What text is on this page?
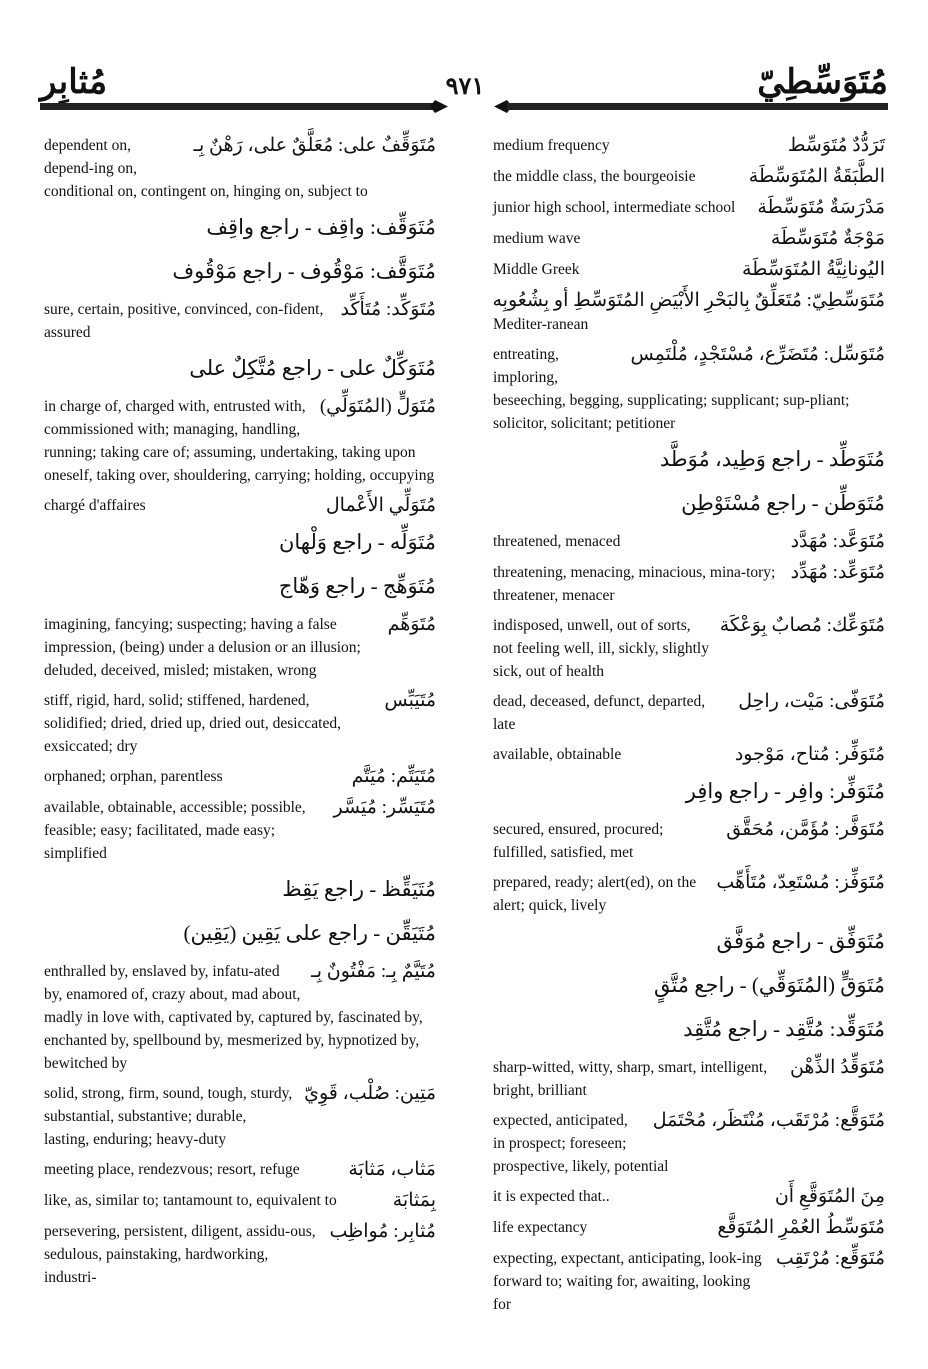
مُتَوَسِّطِيّ
٩٧١
مُثابِر
مُتَوَقِّفٌ على: مُعَلَّقٌ على، رَهْنٌ بِـ
dependent on, depend-ing on, conditional on, contingent on, hinging on, subject to
مُتَوَقِّف: واقِف - راجع واقِف
مُتَوَقَّف: مَوْقُوف - راجع مَوْقُوف
مُتَوَكِّد: مُتَأَكِّد
sure, certain, positive, convinced, con-fident, assured
مُتَوَكِّلٌ على - راجع مُتَّكِلٌ على
مُتَوَلٍّ (المُتَوَلِّي)
in charge of, charged with, entrusted with, commissioned with; managing, handling, running; taking care of; assuming, undertaking, taking upon oneself, taking over, shouldering, carrying; holding, occupying
مُتَوَلِّي الأَعْمال
chargé d'affaires
مُتَوَلِّه - راجع وَلْهان
مُتَوَهِّج - راجع وَهّاج
مُتَوَهِّم
imagining, fancying; suspecting; having a false impression, (being) under a delusion or an illusion; deluded, deceived, misled; mistaken, wrong
مُتَيَبِّس
stiff, rigid, hard, solid; stiffened, hardened, solidified; dried, dried up, dried out, desiccated, exsiccated; dry
مُتَيَتِّم: مُيَتَّم
orphaned; orphan, parentless
مُتَيَسِّر: مُيَسَّر
available, obtainable, accessible; possible, feasible; easy; facilitated, made easy; simplified
مُتَيَقِّظ - راجع يَقِظ
مُتَيَقِّن - راجع على يَقِين (يَقِين)
مُتَيَّمٌ بِـ: مَفْتُونٌ بِـ
enthralled by, enslaved by, infatu-ated by, enamored of, crazy about, mad about, madly in love with, captivated by, captured by, fascinated by, enchanted by, spellbound by, mesmerized by, hypnotized by, bewitched by
مَتِين: صُلْب، قَوِيّ
solid, strong, firm, sound, tough, sturdy, substantial, substantive; durable, lasting, enduring; heavy-duty
مَثاب، مَثابَة
meeting place, rendezvous; resort, refuge
بِمَثابَة
like, as, similar to; tantamount to, equivalent to
مُثابِر: مُواظِب
persevering, persistent, diligent, assidu-ous, sedulous, painstaking, hardworking, industri-
تَرَدُّدٌ مُتَوَسِّط
medium frequency
الطَّبَقَةُ المُتَوَسِّطَة
the middle class, the bourgeoisie
مَدْرَسَةٌ مُتَوَسِّطَة
junior high school, intermediate school
مَوْجَةٌ مُتَوَسِّطَة
medium wave
اليُونانِيَّةُ المُتَوَسِّطَة
Middle Greek
مُتَوَسِّطِيّ: مُتَعَلِّقٌ بِالبَحْرِ الأَبْيَضِ المُتَوَسِّطِ أو بِشُعُوبِه
Mediter-ranean
مُتَوَسِّل: مُتَضَرِّع، مُسْتَجْدٍ، مُلْتَمِس
entreating, imploring, beseeching, begging, supplicating; supplicant; sup-pliant; solicitor, solicitant; petitioner
مُتَوَطِّد - راجع وَطِيد، مُوَطَّد
مُتَوَطِّن - راجع مُسْتَوْطِن
مُتَوَعَّد: مُهَدَّد
threatened, menaced
مُتَوَعِّد: مُهَدِّد
threatening, menacing, minacious, mina-tory; threatener, menacer
مُتَوَعِّك: مُصابٌ بِوَعْكَة
indisposed, unwell, out of sorts, not feeling well, ill, sickly, slightly sick, out of health
مُتَوَفّى: مَيْت، راحِل
dead, deceased, defunct, departed, late
مُتَوَفِّر: مُتاح، مَوْجود
available, obtainable
مُتَوَفِّر: وافِر - راجع وافِر
مُتَوَفَّر: مُؤَمَّن، مُحَقَّق
secured, ensured, procured; fulfilled, satisfied, met
مُتَوَفِّز: مُسْتَعِدّ، مُتَأَهِّب
prepared, ready; alert(ed), on the alert; quick, lively
مُتَوَفِّق - راجع مُوَفَّق
مُتَوَقٍّ (المُتَوَقِّي) - راجع مُتَّقٍ
مُتَوَقِّد: مُتَّقِد - راجع مُتَّقِد
مُتَوَقِّدُ الذِّهْن
sharp-witted, witty, sharp, smart, intelligent, bright, brilliant
مُتَوَقَّع: مُرْتَقَب، مُنْتَظَر، مُحْتَمَل
expected, anticipated, in prospect; foreseen; prospective, likely, potential
مِنَ المُتَوَقَّعِ أَن
it is expected that..
مُتَوَسِّطُ العُمْرِ المُتَوَقَّع
life expectancy
مُتَوَقِّع: مُرْتَقِب
expecting, expectant, anticipating, look-ing forward to; waiting for, awaiting, looking for
